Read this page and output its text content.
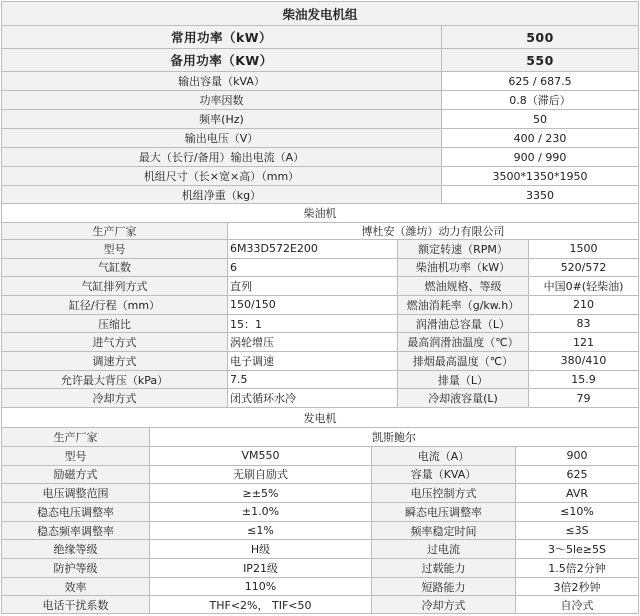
柴油发电机组
常用功率（kW）	500
备用功率（KW）	550
输出容量（kVA）	625 / 687.5
功率因数	0.8（滞后）
频率(Hz)	50
输出电压（V）	400 / 230
最大（长行/备用）输出电流（A）	900 / 990
机组尺寸（长×宽×高）（mm）	3500*1350*1950
机组净重（kg）	3350
柴油机
生产厂家	博杜安（潍坊）动力有限公司
型号	6M33D572E200	额定转速（RPM）	1500
气缸数	6	柴油机功率（kW）	520/572
气缸排列方式	直列	燃油规格、等级	中国0#(轻柴油)
缸径/行程（mm）	150/150	燃油消耗率（g/kw.h）	210
压缩比	15：1	润滑油总容量（L）	83
进气方式	涡轮增压	最高润滑油温度（℃）	121
调速方式	电子调速	排烟最高温度（℃）	380/410
允许最大背压（kPa）	7.5	排量（L）	15.9
冷却方式	闭式循环水冷	冷却液容量(L)	79
发电机
生产厂家	凯斯鲍尔
型号	VM550	电流（A）	900
励磁方式	无刷自励式	容量（KVA）	625
电压调整范围	≥±5%	电压控制方式	AVR
稳态电压调整率	±1.0%	瞬态电压调整率	≤10%
稳态频率调整率	≤1%	频率稳定时间	≤3S
绝缘等级	H级	过电流	3～5le≥5S
防护等级	IP21级	过载能力	1.5倍2分钟
效率	110%	短路能力	3倍2秒钟
电话干扰系数	THF<2%， TIF<50	冷却方式	自冷式
